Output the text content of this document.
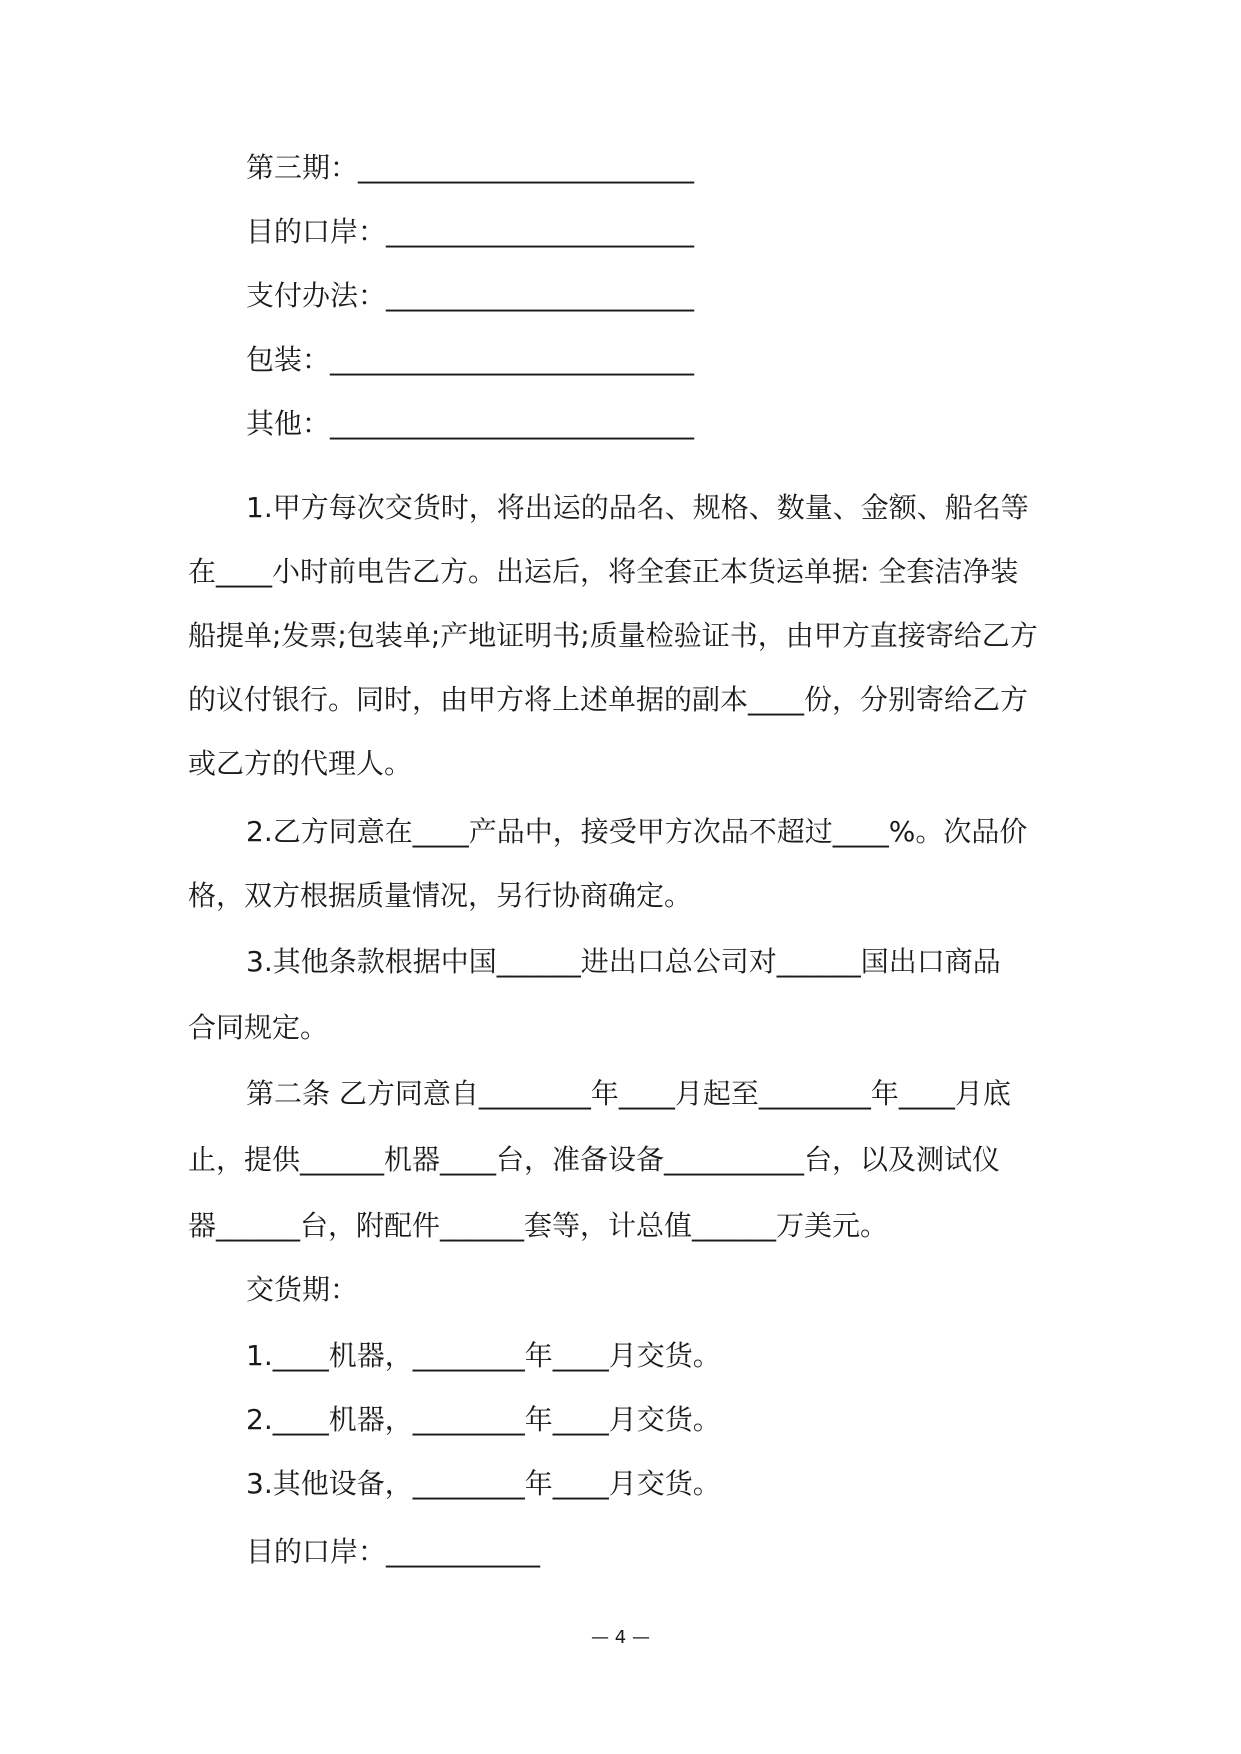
第三期：________________________
目的口岸：______________________
支付办法：______________________
包装：__________________________
其他：__________________________
1.甲方每次交货时，将出运的品名、规格、数量、金额、船名等
在____小时前电告乙方。出运后，将全套正本货运单据: 全套洁净装
船提单;发票;包装单;产地证明书;质量检验证书，由甲方直接寄给乙方
的议付银行。同时，由甲方将上述单据的副本____份，分别寄给乙方
或乙方的代理人。
2.乙方同意在____产品中，接受甲方次品不超过____%。次品价
格，双方根据质量情况，另行协商确定。
3.其他条款根据中国______进出口总公司对______国出口商品
合同规定。
第二条 乙方同意自________年____月起至________年____月底
止，提供______机器____台，准备设备__________台，以及测试仪
器______台，附配件______套等，计总值______万美元。
交货期：
1.____机器，________年____月交货。
2.____机器，________年____月交货。
3.其他设备，________年____月交货。
目的口岸：___________
— 4 —
